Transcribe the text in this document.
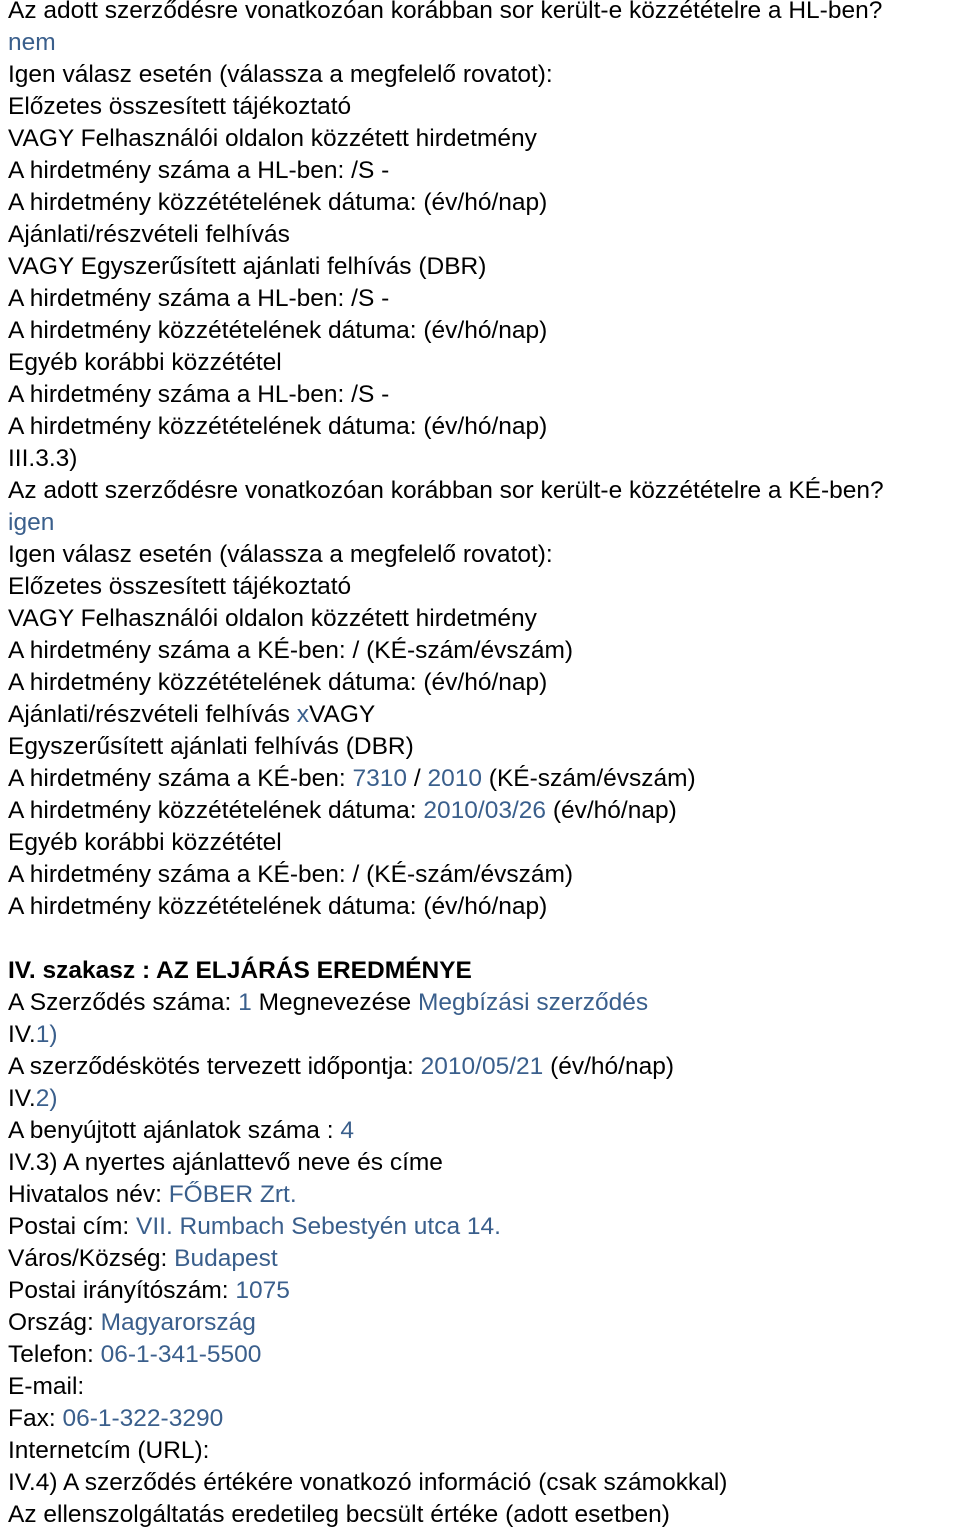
Az adott szerződésre vonatkozóan korábban sor került-e közzétételre a HL-ben?
nem
Igen válasz esetén (válassza a megfelelő rovatot):
Előzetes összesített tájékoztató
VAGY Felhasználói oldalon közzétett hirdetmény
A hirdetmény száma a HL-ben: /S -
A hirdetmény közzétételének dátuma: (év/hó/nap)
Ajánlati/részvételi felhívás
VAGY Egyszerűsített ajánlati felhívás (DBR)
A hirdetmény száma a HL-ben: /S -
A hirdetmény közzétételének dátuma: (év/hó/nap)
Egyéb korábbi közzététel
A hirdetmény száma a HL-ben: /S -
A hirdetmény közzétételének dátuma: (év/hó/nap)
III.3.3)
Az adott szerződésre vonatkozóan korábban sor került-e közzétételre a KÉ-ben?
igen
Igen válasz esetén (válassza a megfelelő rovatot):
Előzetes összesített tájékoztató
VAGY Felhasználói oldalon közzétett hirdetmény
A hirdetmény száma a KÉ-ben: / (KÉ-szám/évszám)
A hirdetmény közzétételének dátuma: (év/hó/nap)
Ajánlati/részvételi felhívás xVAGY
Egyszerűsített ajánlati felhívás (DBR)
A hirdetmény száma a KÉ-ben: 7310 / 2010 (KÉ-szám/évszám)
A hirdetmény közzétételének dátuma: 2010/03/26 (év/hó/nap)
Egyéb korábbi közzététel
A hirdetmény száma a KÉ-ben: / (KÉ-szám/évszám)
A hirdetmény közzétételének dátuma: (év/hó/nap)
IV. szakasz : AZ ELJÁRÁS EREDMÉNYE
A Szerződés száma: 1 Megnevezése Megbízási szerződés
IV.1)
A szerződéskötés tervezett időpontja: 2010/05/21 (év/hó/nap)
IV.2)
A benyújtott ajánlatok száma : 4
IV.3) A nyertes ajánlattevő neve és címe
Hivatalos név: FŐBER Zrt.
Postai cím: VII. Rumbach Sebestyén utca 14.
Város/Község: Budapest
Postai irányítószám: 1075
Ország: Magyarország
Telefon: 06-1-341-5500
E-mail:
Fax: 06-1-322-3290
Internetcím (URL):
IV.4) A szerződés értékére vonatkozó információ (csak számokkal)
Az ellenszolgáltatás eredetileg becsült értéke (adott esetben)
